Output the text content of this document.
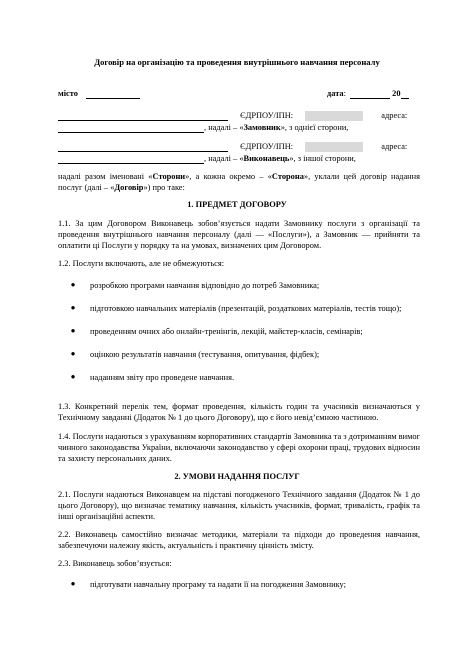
Договір на організацію та проведення внутрішнього навчання персоналу
місто	дата:	20
ЄДРПОУ/ІПН:	адреса:
, надалі – «Замовник», з однієї сторони,
ЄДРПОУ/ІПН:	адреса:
, надалі – «Виконавець», з іншої сторони,
надалі разом іменовані «Сторони», а кожна окремо – «Сторона», уклали цей договір надання
послуг (далі – «Договір») про таке:
1. ПРЕДМЕТ ДОГОВОРУ
1.1. За цим Договором Виконавець зобов’язується надати Замовнику послуги з організації та проведення внутрішнього навчання персоналу (далі — «Послуги»), а Замовник — прийняти та оплатити ці Послуги у порядку та на умовах, визначених цим Договором.
1.2. Послуги включають, але не обмежуються:
●	розробкою програми навчання відповідно до потреб Замовника;
●	підготовкою навчальних матеріалів (презентацій, роздаткових матеріалів, тестів тощо);
●	проведенням очних або онлайн-тренінгів, лекцій, майстер-класів, семінарів;
●	оцінкою результатів навчання (тестування, опитування, фідбек);
●	наданням звіту про проведене навчання.
1.3. Конкретний перелік тем, формат проведення, кількість годин та учасників визначаються у Технічному завданні (Додаток № 1 до цього Договору), що є його невід’ємною частиною.
1.4. Послуги надаються з урахуванням корпоративних стандартів Замовника та з дотриманням вимог чинного законодавства України, включаючи законодавство у сфері охорони праці, трудових відносин та захисту персональних даних.
2. УМОВИ НАДАННЯ ПОСЛУГ
2.1. Послуги надаються Виконавцем на підставі погодженого Технічного завдання (Додаток № 1 до цього Договору), що визначає тематику навчання, кількість учасників, формат, тривалість, графік та інші організаційні аспекти.
2.2. Виконавець самостійно визначає методики, матеріали та підходи до проведення навчання, забезпечуючи належну якість, актуальність і практичну цінність змісту.
2.3. Виконавець зобов’язується:
●	підготувати навчальну програму та надати її на погодження Замовнику;
